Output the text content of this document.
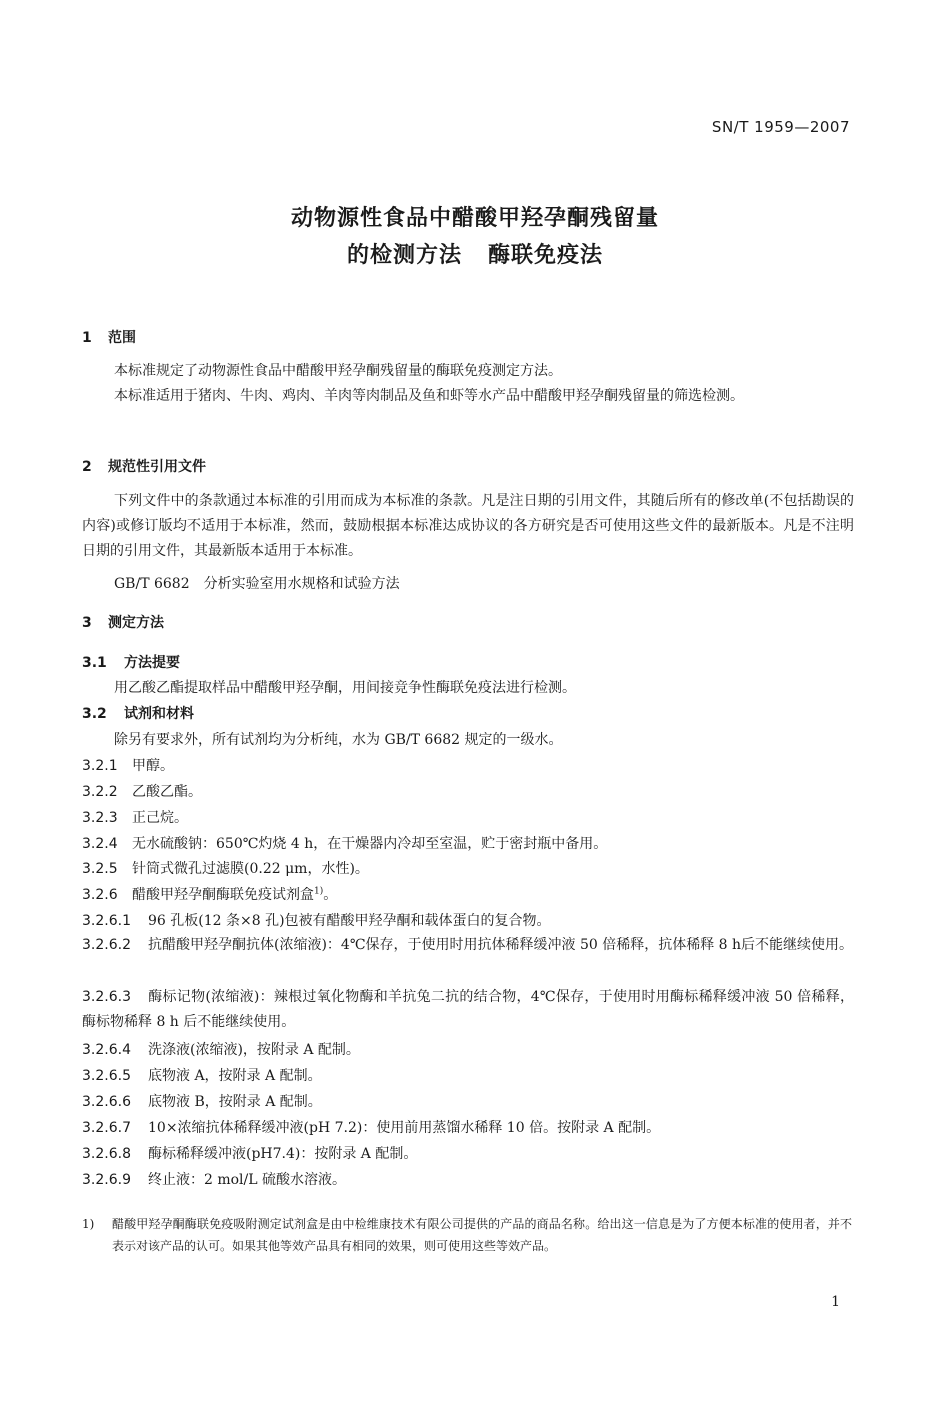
SN/T 1959—2007
动物源性食品中醋酸甲羟孕酮残留量
的检测方法 酶联免疫法
1 范围
本标准规定了动物源性食品中醋酸甲羟孕酮残留量的酶联免疫测定方法。
本标准适用于猪肉、牛肉、鸡肉、羊肉等肉制品及鱼和虾等水产品中醋酸甲羟孕酮残留量的筛选检测。
2 规范性引用文件
下列文件中的条款通过本标准的引用而成为本标准的条款。凡是注日期的引用文件，其随后所有的修改单(不包括勘误的内容)或修订版均不适用于本标准，然而，鼓励根据本标准达成协议的各方研究是否可使用这些文件的最新版本。凡是不注明日期的引用文件，其最新版本适用于本标准。
GB/T 6682　分析实验室用水规格和试验方法
3 测定方法
3.1 方法提要
用乙酸乙酯提取样品中醋酸甲羟孕酮，用间接竞争性酶联免疫法进行检测。
3.2 试剂和材料
除另有要求外，所有试剂均为分析纯，水为 GB/T 6682 规定的一级水。
3.2.1 甲醇。
3.2.2 乙酸乙酯。
3.2.3 正己烷。
3.2.4 无水硫酸钠：650℃灼烧 4 h，在干燥器内冷却至室温，贮于密封瓶中备用。
3.2.5 针筒式微孔过滤膜(0.22 μm，水性)。
3.2.6 醋酸甲羟孕酮酶联免疫试剂盒$^{1)}$。
3.2.6.1 96 孔板(12 条×8 孔)包被有醋酸甲羟孕酮和载体蛋白的复合物。
3.2.6.2 抗醋酸甲羟孕酮抗体(浓缩液)：4℃保存，于使用时用抗体稀释缓冲液 50 倍稀释，抗体稀释 8 h后不能继续使用。
3.2.6.3 酶标记物(浓缩液)：辣根过氧化物酶和羊抗兔二抗的结合物，4℃保存，于使用时用酶标稀释缓冲液 50 倍稀释，酶标物稀释 8 h 后不能继续使用。
3.2.6.4 洗涤液(浓缩液)，按附录 A 配制。
3.2.6.5 底物液 A，按附录 A 配制。
3.2.6.6 底物液 B，按附录 A 配制。
3.2.6.7 10×浓缩抗体稀释缓冲液(pH 7.2)：使用前用蒸馏水稀释 10 倍。按附录 A 配制。
3.2.6.8 酶标稀释缓冲液(pH7.4)：按附录 A 配制。
3.2.6.9 终止液：2 mol/L 硫酸水溶液。
1) 醋酸甲羟孕酮酶联免疫吸附测定试剂盒是由中检维康技术有限公司提供的产品的商品名称。给出这一信息是为了方便本标准的使用者，并不表示对该产品的认可。如果其他等效产品具有相同的效果，则可使用这些等效产品。
1
